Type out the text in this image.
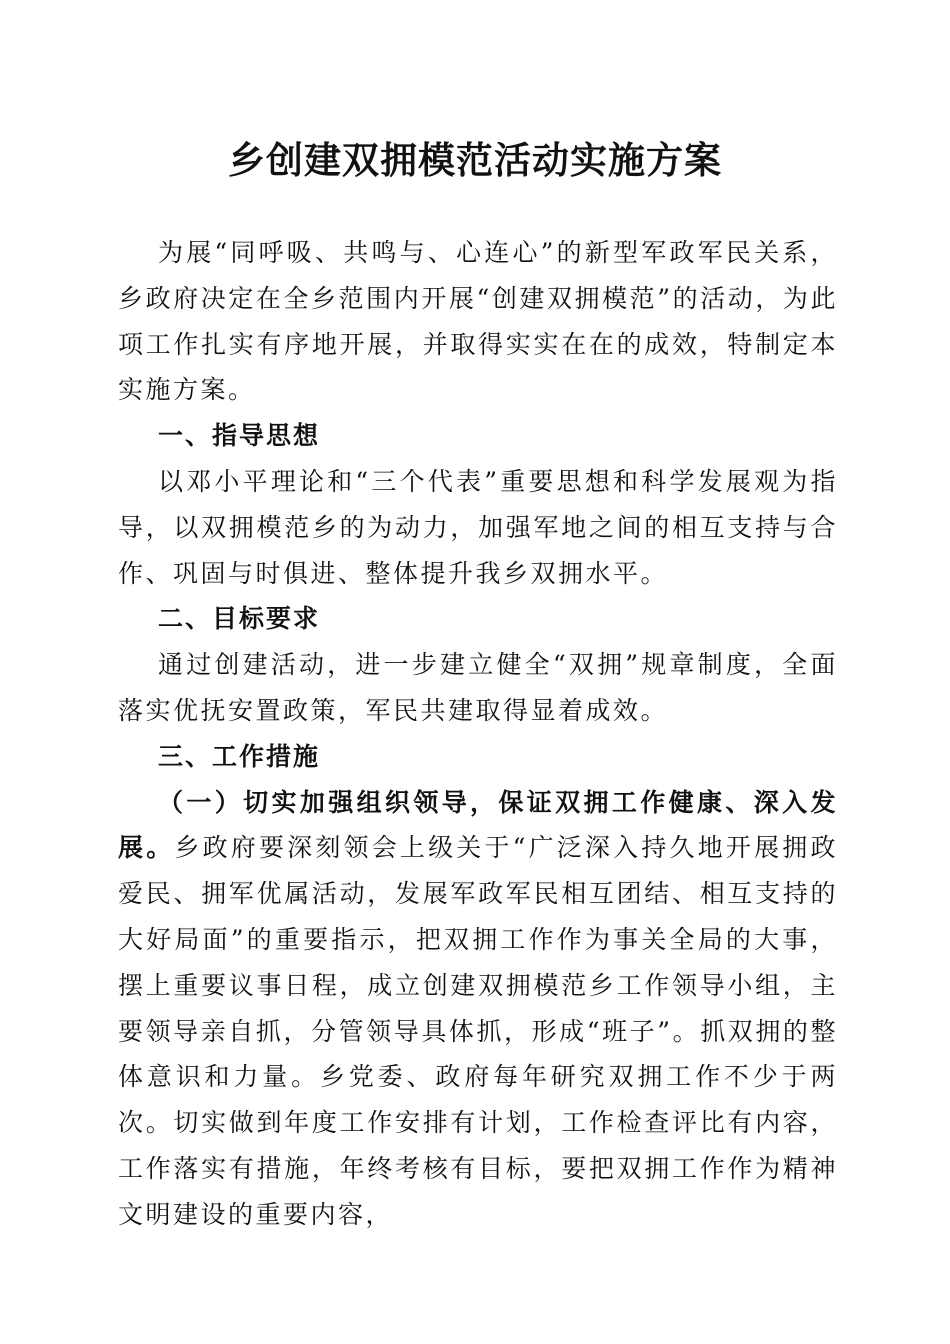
乡创建双拥模范活动实施方案

为展“同呼吸、共鸣与、心连心”的新型军政军民关系，乡政府决定在全乡范围内开展“创建双拥模范”的活动，为此项工作扎实有序地开展，并取得实实在在的成效，特制定本实施方案。

一、指导思想

以邓小平理论和“三个代表”重要思想和科学发展观为指导，以双拥模范乡的为动力，加强军地之间的相互支持与合作、巩固与时俱进、整体提升我乡双拥水平。

二、目标要求

通过创建活动，进一步建立健全“双拥”规章制度，全面落实优抚安置政策，军民共建取得显着成效。

三、工作措施

（一）切实加强组织领导，保证双拥工作健康、深入发展。乡政府要深刻领会上级关于“广泛深入持久地开展拥政爱民、拥军优属活动，发展军政军民相互团结、相互支持的大好局面”的重要指示，把双拥工作作为事关全局的大事，摆上重要议事日程，成立创建双拥模范乡工作领导小组，主要领导亲自抓，分管领导具体抓，形成“班子”。抓双拥的整体意识和力量。乡党委、政府每年研究双拥工作不少于两次。切实做到年度工作安排有计划，工作检查评比有内容，工作落实有措施，年终考核有目标，要把双拥工作作为精神文明建设的重要内容，
